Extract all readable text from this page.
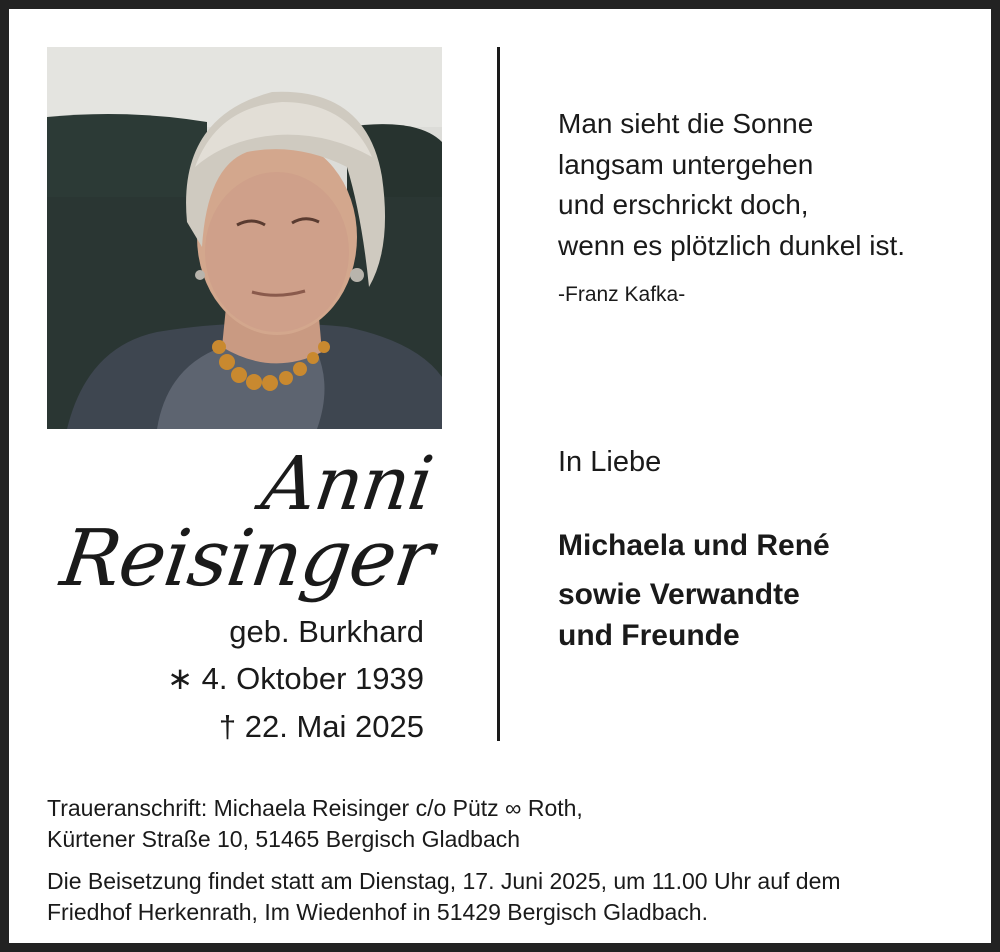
Anni
Reisinger
geb. Burkhard
∗ 4. Oktober 1939
† 22. Mai 2025
Man sieht die Sonne
langsam untergehen
und erschrickt doch,
wenn es plötzlich dunkel ist.
-Franz Kafka-
In Liebe
Michaela und René
sowie Verwandte
und Freunde
Traueranschrift: Michaela Reisinger c/o Pütz ∞ Roth,
Kürtener Straße 10, 51465 Bergisch Gladbach
Die Beisetzung findet statt am Dienstag, 17. Juni 2025, um 11.00 Uhr auf dem
Friedhof Herkenrath, Im Wiedenhof in 51429 Bergisch Gladbach.
